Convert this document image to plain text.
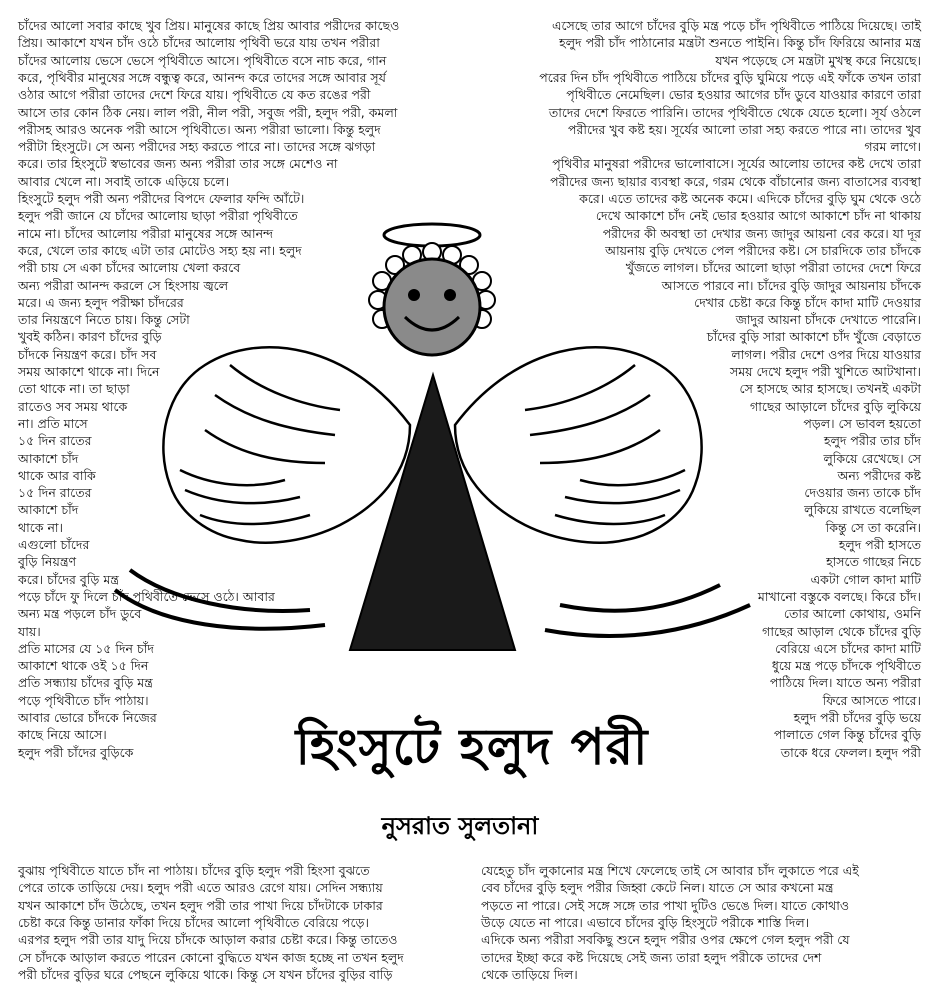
চাঁদের আলো সবার কাছে খুব প্রিয়। মানুষের কাছে প্রিয় আবার পরীদের কাছেও
প্রিয়। আকাশে যখন চাঁদ ওঠে চাঁদের আলোয় পৃথিবী ভরে যায় তখন পরীরা
চাঁদের আলোয় ভেসে ভেসে পৃথিবীতে আসে। পৃথিবীতে বসে নাচ করে, গান
করে, পৃথিবীর মানুষের সঙ্গে বন্ধুত্ব করে, আনন্দ করে তাদের সঙ্গে আবার সূর্য
ওঠার আগে পরীরা তাদের দেশে ফিরে যায়। পৃথিবীতে যে কত রঙের পরী
আসে তার কোন ঠিক নেয়। লাল পরী, নীল পরী, সবুজ পরী, হলুদ পরী, কমলা
পরীসহ আরও অনেক পরী আসে পৃথিবীতে। অন্য পরীরা ভালো। কিন্তু হলুদ
পরীটা হিংসুটে। সে অন্য পরীদের সহ্য করতে পারে না। তাদের সঙ্গে ঝগড়া
করে। তার হিংসুটে স্বভাবের জন্য অন্য পরীরা তার সঙ্গে মেশেও না
আবার খেলে না। সবাই তাকে এড়িয়ে চলে।
হিংসুটে হলুদ পরী অন্য পরীদের বিপদে ফেলার ফন্দি আঁটে।
হলুদ পরী জানে যে চাঁদের আলোয় ছাড়া পরীরা পৃথিবীতে
নামে না। চাঁদের আলোয় পরীরা মানুষের সঙ্গে আনন্দ
করে, খেলে তার কাছে এটা তার মোটেও সহ্য হয় না। হলুদ
পরী চায় সে একা চাঁদের আলোয় খেলা করবে
অন্য পরীরা আনন্দ করলে সে হিংসায় জ্বলে
মরে। এ জন্য হলুদ পরীক্ষা চাঁদরের
তার নিয়ন্ত্রণে নিতে চায়। কিন্তু সেটা
খুবই কঠিন। কারণ চাঁদের বুড়ি
চাঁদকে নিয়ন্ত্রণ করে। চাঁদ সব
সময় আকাশে থাকে না। দিনে
তো থাকে না। তা ছাড়া
রাতেও সব সময় থাকে
না। প্রতি মাসে
১৫ দিন রাতের
আকাশে চাঁদ
থাকে আর বাকি
১৫ দিন রাতের
আকাশে চাঁদ
থাকে না।
এগুলো চাঁদের
বুড়ি নিয়ন্ত্রণ
করে। চাঁদের বুড়ি মন্ত্র
পড়ে চাঁদে ফু দিলে চাঁদ পৃথিবীতে ভেসে ওঠে। আবার
অন্য মন্ত্র পড়লে চাঁদ ডুবে
যায়।
প্রতি মাসের যে ১৫ দিন চাঁদ
আকাশে থাকে ওই ১৫ দিন
প্রতি সন্ধ্যায় চাঁদের বুড়ি মন্ত্র
পড়ে পৃথিবীতে চাঁদ পাঠায়।
আবার ভোরে চাঁদকে নিজের
কাছে নিয়ে আসে।
হলুদ পরী চাঁদের বুড়িকে
এসেছে তার আগে চাঁদের বুড়ি মন্ত্র পড়ে চাঁদ পৃথিবীতে পাঠিয়ে দিয়েছে। তাই
হলুদ পরী চাঁদ পাঠানোর মন্ত্রটা শুনতে পাইনি। কিন্তু চাঁদ ফিরিয়ে আনার মন্ত্র
যখন পড়েছে সে মন্ত্রটা মুখস্থ করে নিয়েছে।
পরের দিন চাঁদ পৃথিবীতে পাঠিয়ে চাঁদের বুড়ি ঘুমিয়ে পড়ে এই ফাঁকে তখন তারা
পৃথিবীতে নেমেছিল। ভোর হওয়ার আগের চাঁদ ডুবে যাওয়ার কারণে তারা
তাদের দেশে ফিরতে পারিনি। তাদের পৃথিবীতে থেকে যেতে হলো। সূর্য ওঠলে
পরীদের খুব কষ্ট হয়। সূর্যের আলো তারা সহ্য করতে পারে না। তাদের খুব
গরম লাগে।
পৃথিবীর মানুষরা পরীদের ভালোবাসে। সূর্যের আলোয় তাদের কষ্ট দেখে তারা
পরীদের জন্য ছায়ার ব্যবস্থা করে, গরম থেকে বাঁচানোর জন্য বাতাসের ব্যবস্থা
করে। এতে তাদের কষ্ট অনেক কমে। এদিকে চাঁদের বুড়ি ঘুম থেকে ওঠে
দেখে আকাশে চাঁদ নেই ভোর হওয়ার আগে আকাশে চাঁদ না থাকায়
পরীদের কী অবস্থা তা দেখার জন্য জাদুর আয়না বের করে। যা দূর
আয়নায় বুড়ি দেখতে পেল পরীদের কষ্ট। সে চারদিকে তার চাঁদকে
খুঁজতে লাগল। চাঁদের আলো ছাড়া পরীরা তাদের দেশে ফিরে
আসতে পারবে না। চাঁদের বুড়ি জাদুর আয়নায় চাঁদকে
দেখার চেষ্টা করে কিন্তু চাঁদে কাদা মাটি দেওয়ার
জাদুর আয়না চাঁদকে দেখাতে পারেনি।
চাঁদের বুড়ি সারা আকাশে চাঁদ খুঁজে বেড়াতে
লাগল। পরীর দেশে ওপর দিয়ে যাওয়ার
সময় দেখে হলুদ পরী খুশিতে আটখানা।
সে হাসছে আর হাসছে। তখনই একটা
গাছের আড়ালে চাঁদের বুড়ি লুকিয়ে
পড়ল। সে ভাবল হয়তো
হলুদ পরীর তার চাঁদ
লুকিয়ে রেখেছে। সে
অন্য পরীদের কষ্ট
দেওয়ার জন্য তাকে চাঁদ
লুকিয়ে রাখতে বলেছিল
কিন্তু সে তা করেনি।
হলুদ পরী হাসতে
হাসতে গাছের নিচে
একটা গোল কাদা মাটি
মাখানো বস্তুকে বলছে। কিরে চাঁদ।
তোর আলো কোথায়, ওমনি
গাছের আড়াল থেকে চাঁদের বুড়ি
বেরিয়ে এসে চাঁদের কাদা মাটি
ধুয়ে মন্ত্র পড়ে চাঁদকে পৃথিবীতে
পাঠিয়ে দিল। যাতে অন্য পরীরা
ফিরে আসতে পারে।
হলুদ পরী চাঁদের বুড়ি ভয়ে
পালাতে গেল কিন্তু চাঁদের বুড়ি
তাকে ধরে ফেলল। হলুদ পরী
বুঝায় পৃথিবীতে যাতে চাঁদ না পাঠায়। চাঁদের বুড়ি হলুদ পরী হিংসা বুঝতে
পেরে তাকে তাড়িয়ে দেয়। হলুদ পরী এতে আরও রেগে যায়। সেদিন সন্ধ্যায়
যখন আকাশে চাঁদ উঠেছে, তখন হলুদ পরী তার পাখা দিয়ে চাঁদটাকে ঢাকার
চেষ্টা করে কিন্তু ডানার ফাঁকা দিয়ে চাঁদের আলো পৃথিবীতে বেরিয়ে পড়ে।
এরপর হলুদ পরী তার যাদু দিয়ে চাঁদকে আড়াল করার চেষ্টা করে। কিন্তু তাতেও
সে চাঁদকে আড়াল করতে পারেন কোনো বুদ্ধিতে যখন কাজ হচ্ছে না তখন হলুদ
পরী চাঁদের বুড়ির ঘরে পেছনে লুকিয়ে থাকে। কিন্তু সে যখন চাঁদের বুড়ির বাড়ি
যেহেতু চাঁদ লুকানোর মন্ত্র শিখে ফেলেছে তাই সে আবার চাঁদ লুকাতে পরে এই
বেব চাঁদের বুড়ি হলুদ পরীর জিহ্বা কেটে নিল। যাতে সে আর কখনো মন্ত্র
পড়তে না পারে। সেই সঙ্গে সঙ্গে তার পাখা দুটিও ভেঙে দিল। যাতে কোথাও
উড়ে যেতে না পারে। এভাবে চাঁদের বুড়ি হিংসুটে পরীকে শাস্তি দিল।
এদিকে অন্য পরীরা সবকিছু শুনে হলুদ পরীর ওপর ক্ষেপে গেল হলুদ পরী যে
তাদের ইচ্ছা করে কষ্ট দিয়েছে সেই জন্য তারা হলুদ পরীকে তাদের দেশ
থেকে তাড়িয়ে দিল।
হিংসুটে হলুদ পরী
নুসরাত সুলতানা
